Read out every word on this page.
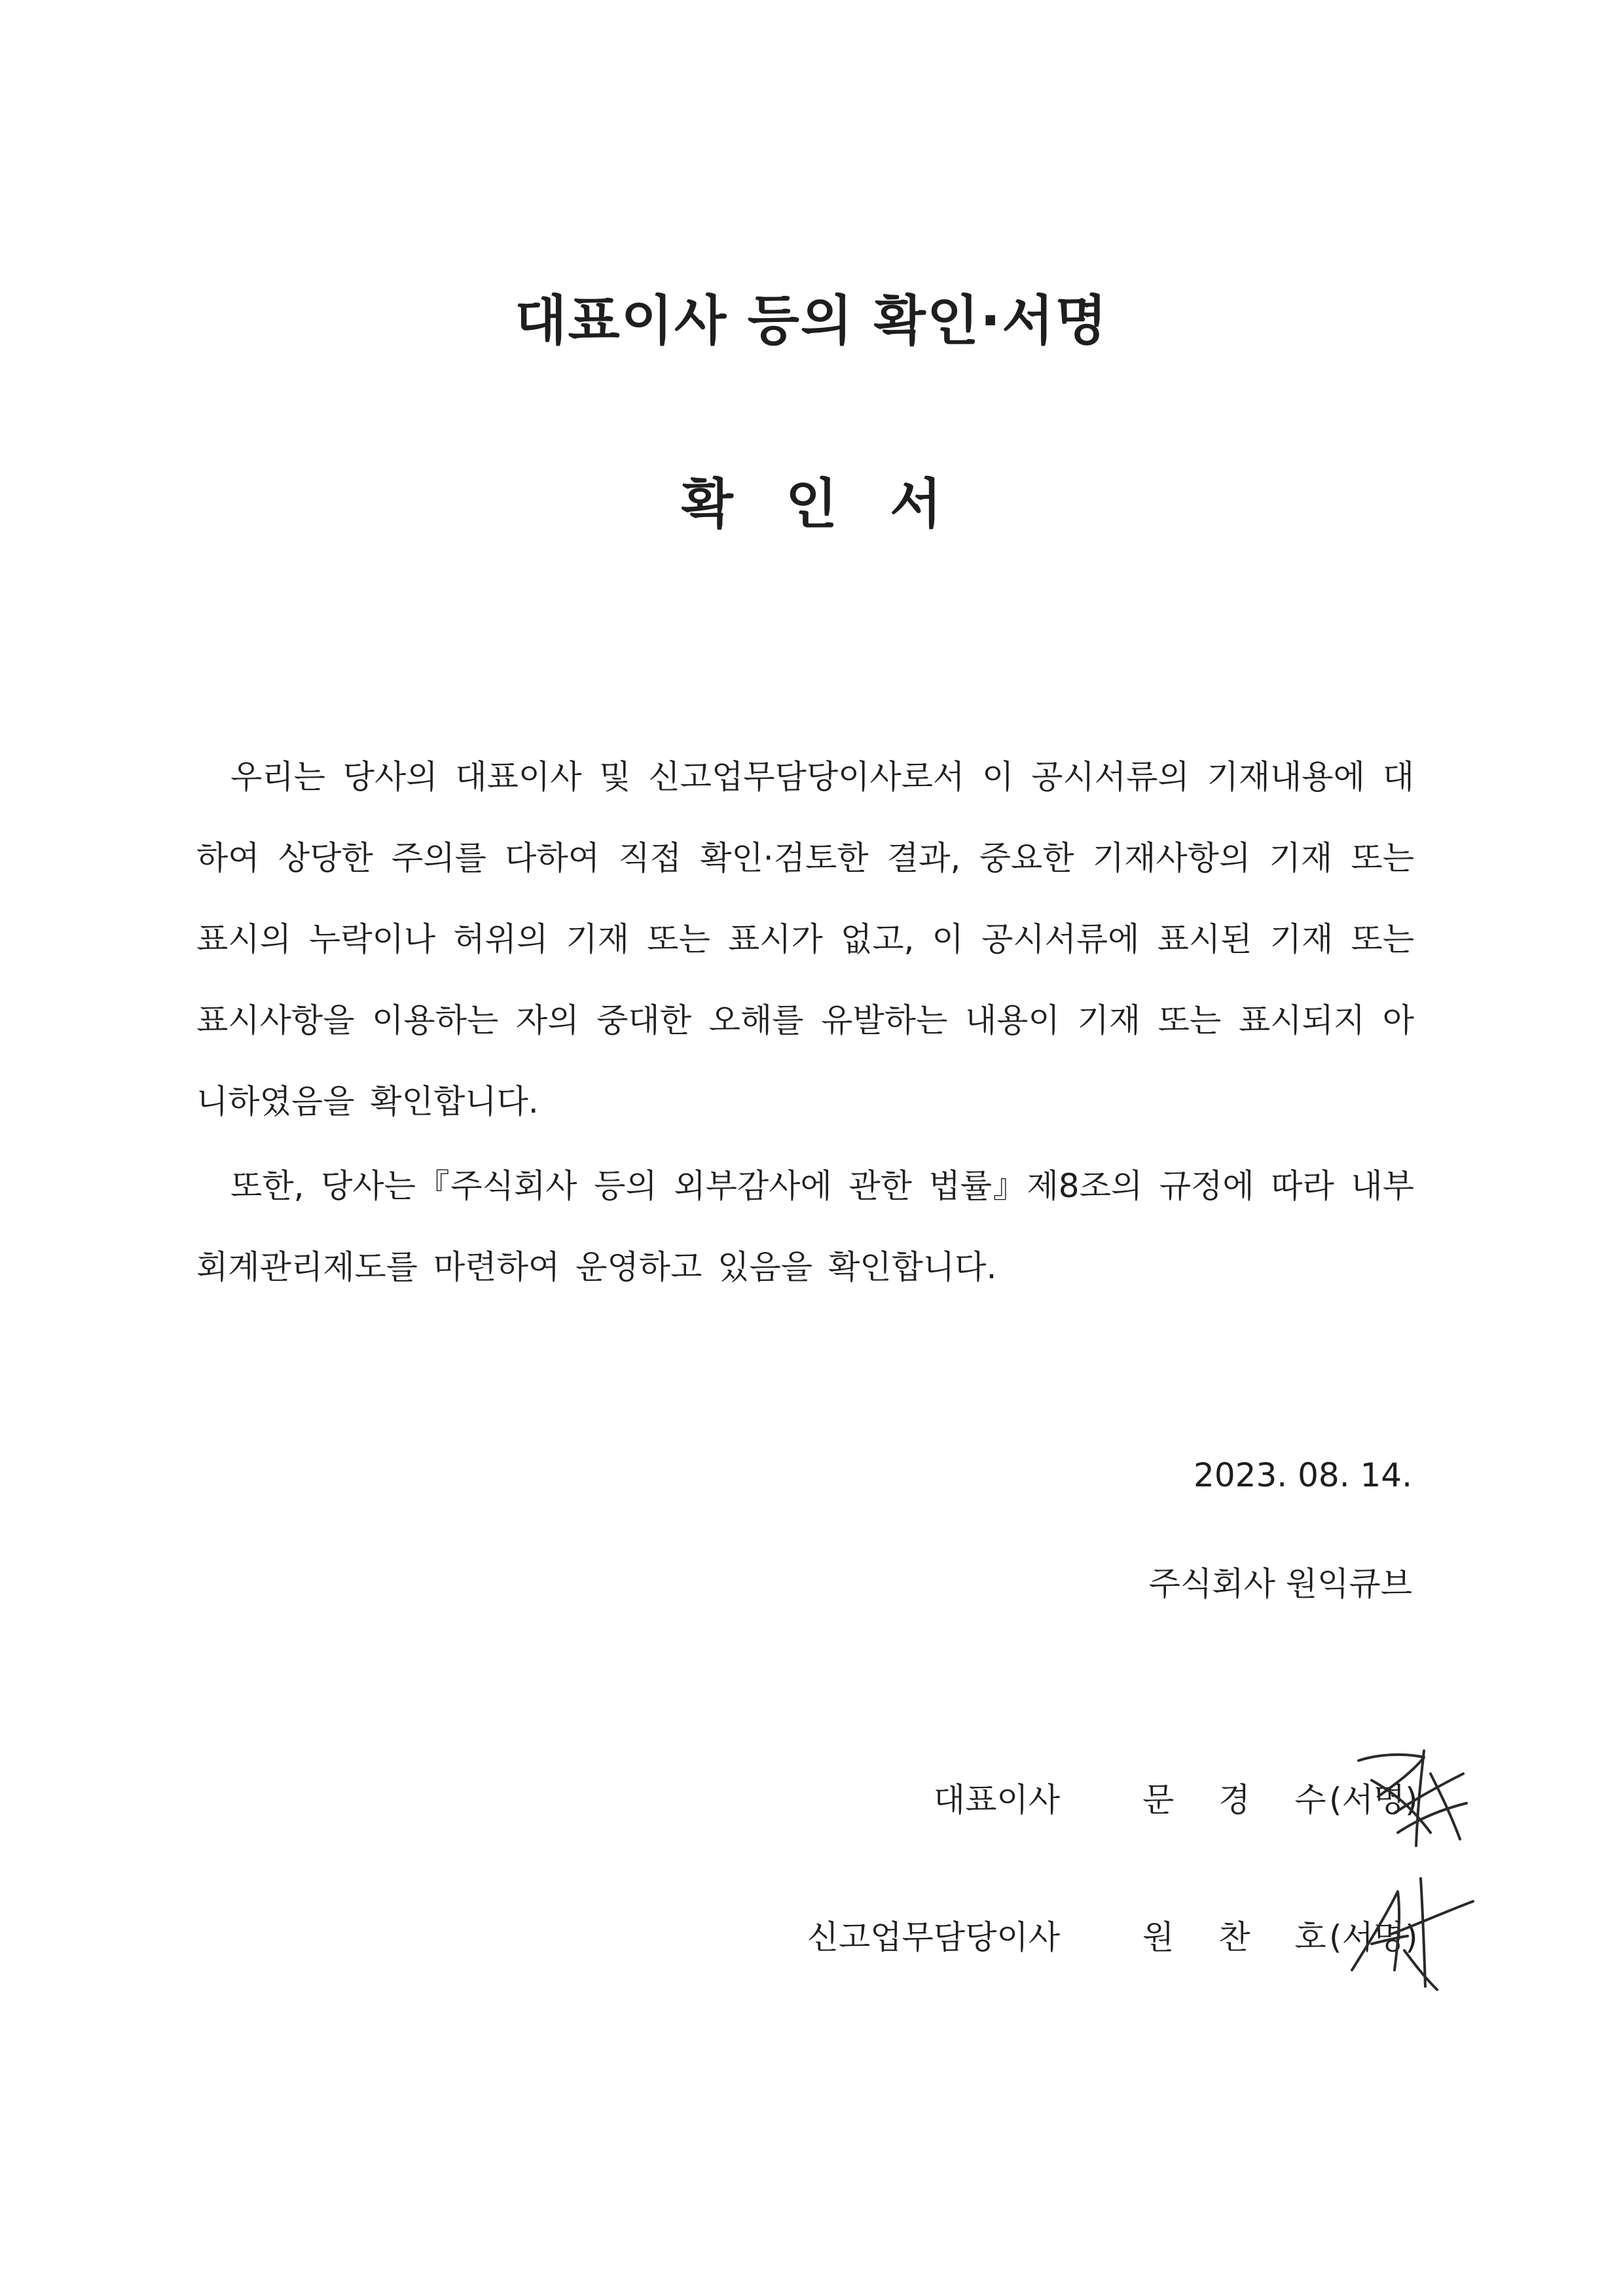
대표이사 등의 확인·서명
확 인 서

우리는 당사의 대표이사 및 신고업무담당이사로서 이 공시서류의 기재내용에 대하여 상당한 주의를 다하여 직접 확인·검토한 결과, 중요한 기재사항의 기재 또는 표시의 누락이나 허위의 기재 또는 표시가 없고, 이 공시서류에 표시된 기재 또는 표시사항을 이용하는 자의 중대한 오해를 유발하는 내용이 기재 또는 표시되지 아니하였음을 확인합니다.

또한, 당사는『주식회사 등의 외부감사에 관한 법률』제8조의 규정에 따라 내부회계관리제도를 마련하여 운영하고 있음을 확인합니다.

2023. 08. 14.
주식회사 원익큐브
대표이사	문 경 수
(서명)
신고업무담당이사	원 찬 호
(서명)
